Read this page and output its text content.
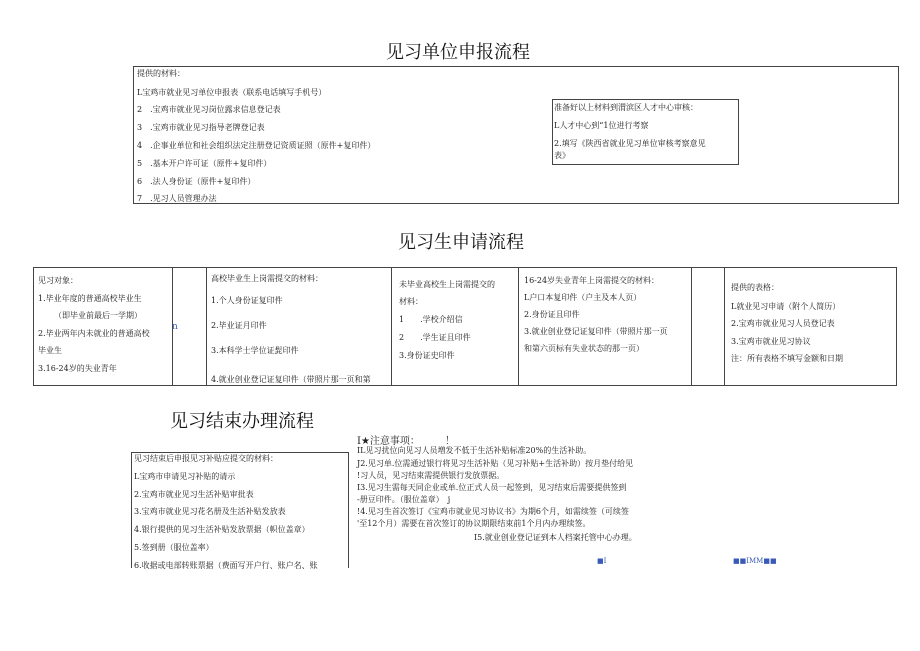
见习单位申报流程
提供的材料：
L宝鸡市就业见习单位申报表（联系电话填写手机号）
2　.宝鸡市就业见习岗位露求信息登记表
3　.宝鸡市就业见习指导老牌登记表
4　.企事业单位和社会组织法定注册登记资质证照（原件+复印件）
5　.基本开户许可证（原件+复印件）
6　.法人身份证（原件+复印件）
7　.见习人员管理办法
准备好以上材料到渭滨区人才中心审核：
L人才中心到“1位进行考察
2.填写《陕西省就业见习单位审核考察意见
表》
见习生申请流程
见习对象：
1.毕业年度的普通高校毕业生
（即毕业前最后一学期）
2.毕业两年内未就业的普通高校
毕业生
3.16-24岁的失业青年
n
高校毕业生上岗需提交的材料：
1.个人身份证复印件
2.毕业证月印件
3.本科学士学位证髭印件
4.就业创业登记证复印件（带照片那一页和第
未毕业高校生上岗需提交的
材料：
1　　.学校介绍信
2　　.学生证且印件
3.身份证史印件
16-24岁失业青年上岗需提交的材料：
L户口本复印件（户主及本人页）
2.身份证且印件
3.就业创业登记证复印件（带照片那一页
和第六页标有失业状态的那一页）
提供的表格：
L就业见习申请（附个人简历）
2.宝鸡市就业见习人员登记表
3.宝鸡市就业见习协议
注：所有表格不填写金额和日期
见习结束办理流程
见习结束后申报见习补贴应提交的材料：
L宝鸡市申请见习补贴的请示
2.宝鸡市就业见习生活补贴审批表
3.宝鸡市就业见习花名册及生活补贴发放表
4.银行提供的见习生活补贴发放票据（帜位盖章）
5.签到册（服位盖率）
6.收据或电部转账票据（费面写开户行、账户名、账
I★注意事项：　　　！
IL见习扰位向见习人员増发不低于生活补贴标准20%的生活补助。
J2.见习单.位需通过银行将见习生活补贴（见习补贴+生活补助）按月垫付给见
!习人员，见习结束需提供银行发放票据。
I3.见习生需每天同企业或单.位正式人员一起签到，见习结束后需要提供签到
-册豆印件。（服位盖章）　j
!4.见习生首次签订《宝鸡市就业见习协议书》为期6个月，如需续签（可续签
'至12个月）需要在首次签订的协议期限结束前1个月内办理续签。
I5.就业创业登记证到本人档案托管中心办理。
■I	■■IMM■■
